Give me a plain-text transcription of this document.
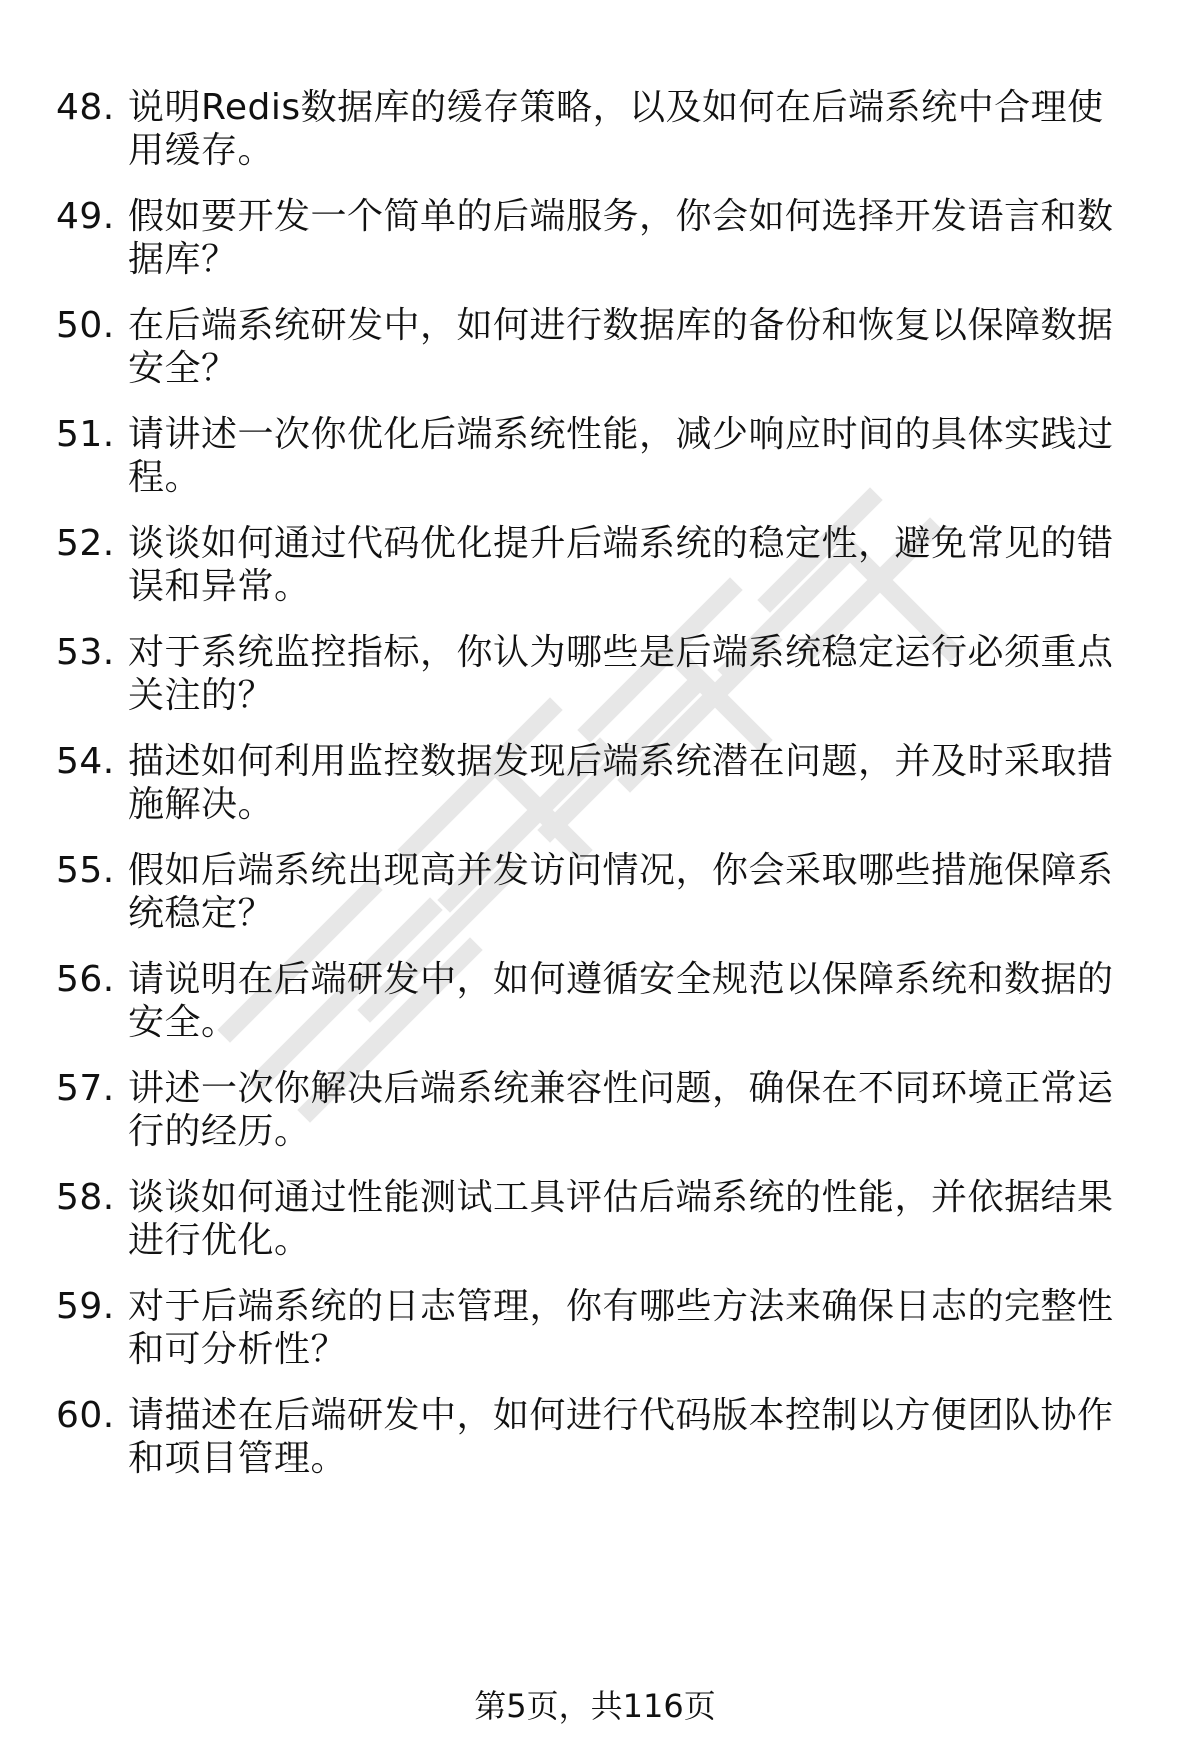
48. 说明Redis数据库的缓存策略，以及如何在后端系统中合理使用缓存。
49. 假如要开发一个简单的后端服务，你会如何选择开发语言和数据库？
50. 在后端系统研发中，如何进行数据库的备份和恢复以保障数据安全？
51. 请讲述一次你优化后端系统性能，减少响应时间的具体实践过程。
52. 谈谈如何通过代码优化提升后端系统的稳定性，避免常见的错误和异常。
53. 对于系统监控指标，你认为哪些是后端系统稳定运行必须重点关注的？
54. 描述如何利用监控数据发现后端系统潜在问题，并及时采取措施解决。
55. 假如后端系统出现高并发访问情况，你会采取哪些措施保障系统稳定？
56. 请说明在后端研发中，如何遵循安全规范以保障系统和数据的安全。
57. 讲述一次你解决后端系统兼容性问题，确保在不同环境正常运行的经历。
58. 谈谈如何通过性能测试工具评估后端系统的性能，并依据结果进行优化。
59. 对于后端系统的日志管理，你有哪些方法来确保日志的完整性和可分析性？
60. 请描述在后端研发中，如何进行代码版本控制以方便团队协作和项目管理。
第5页，共116页
